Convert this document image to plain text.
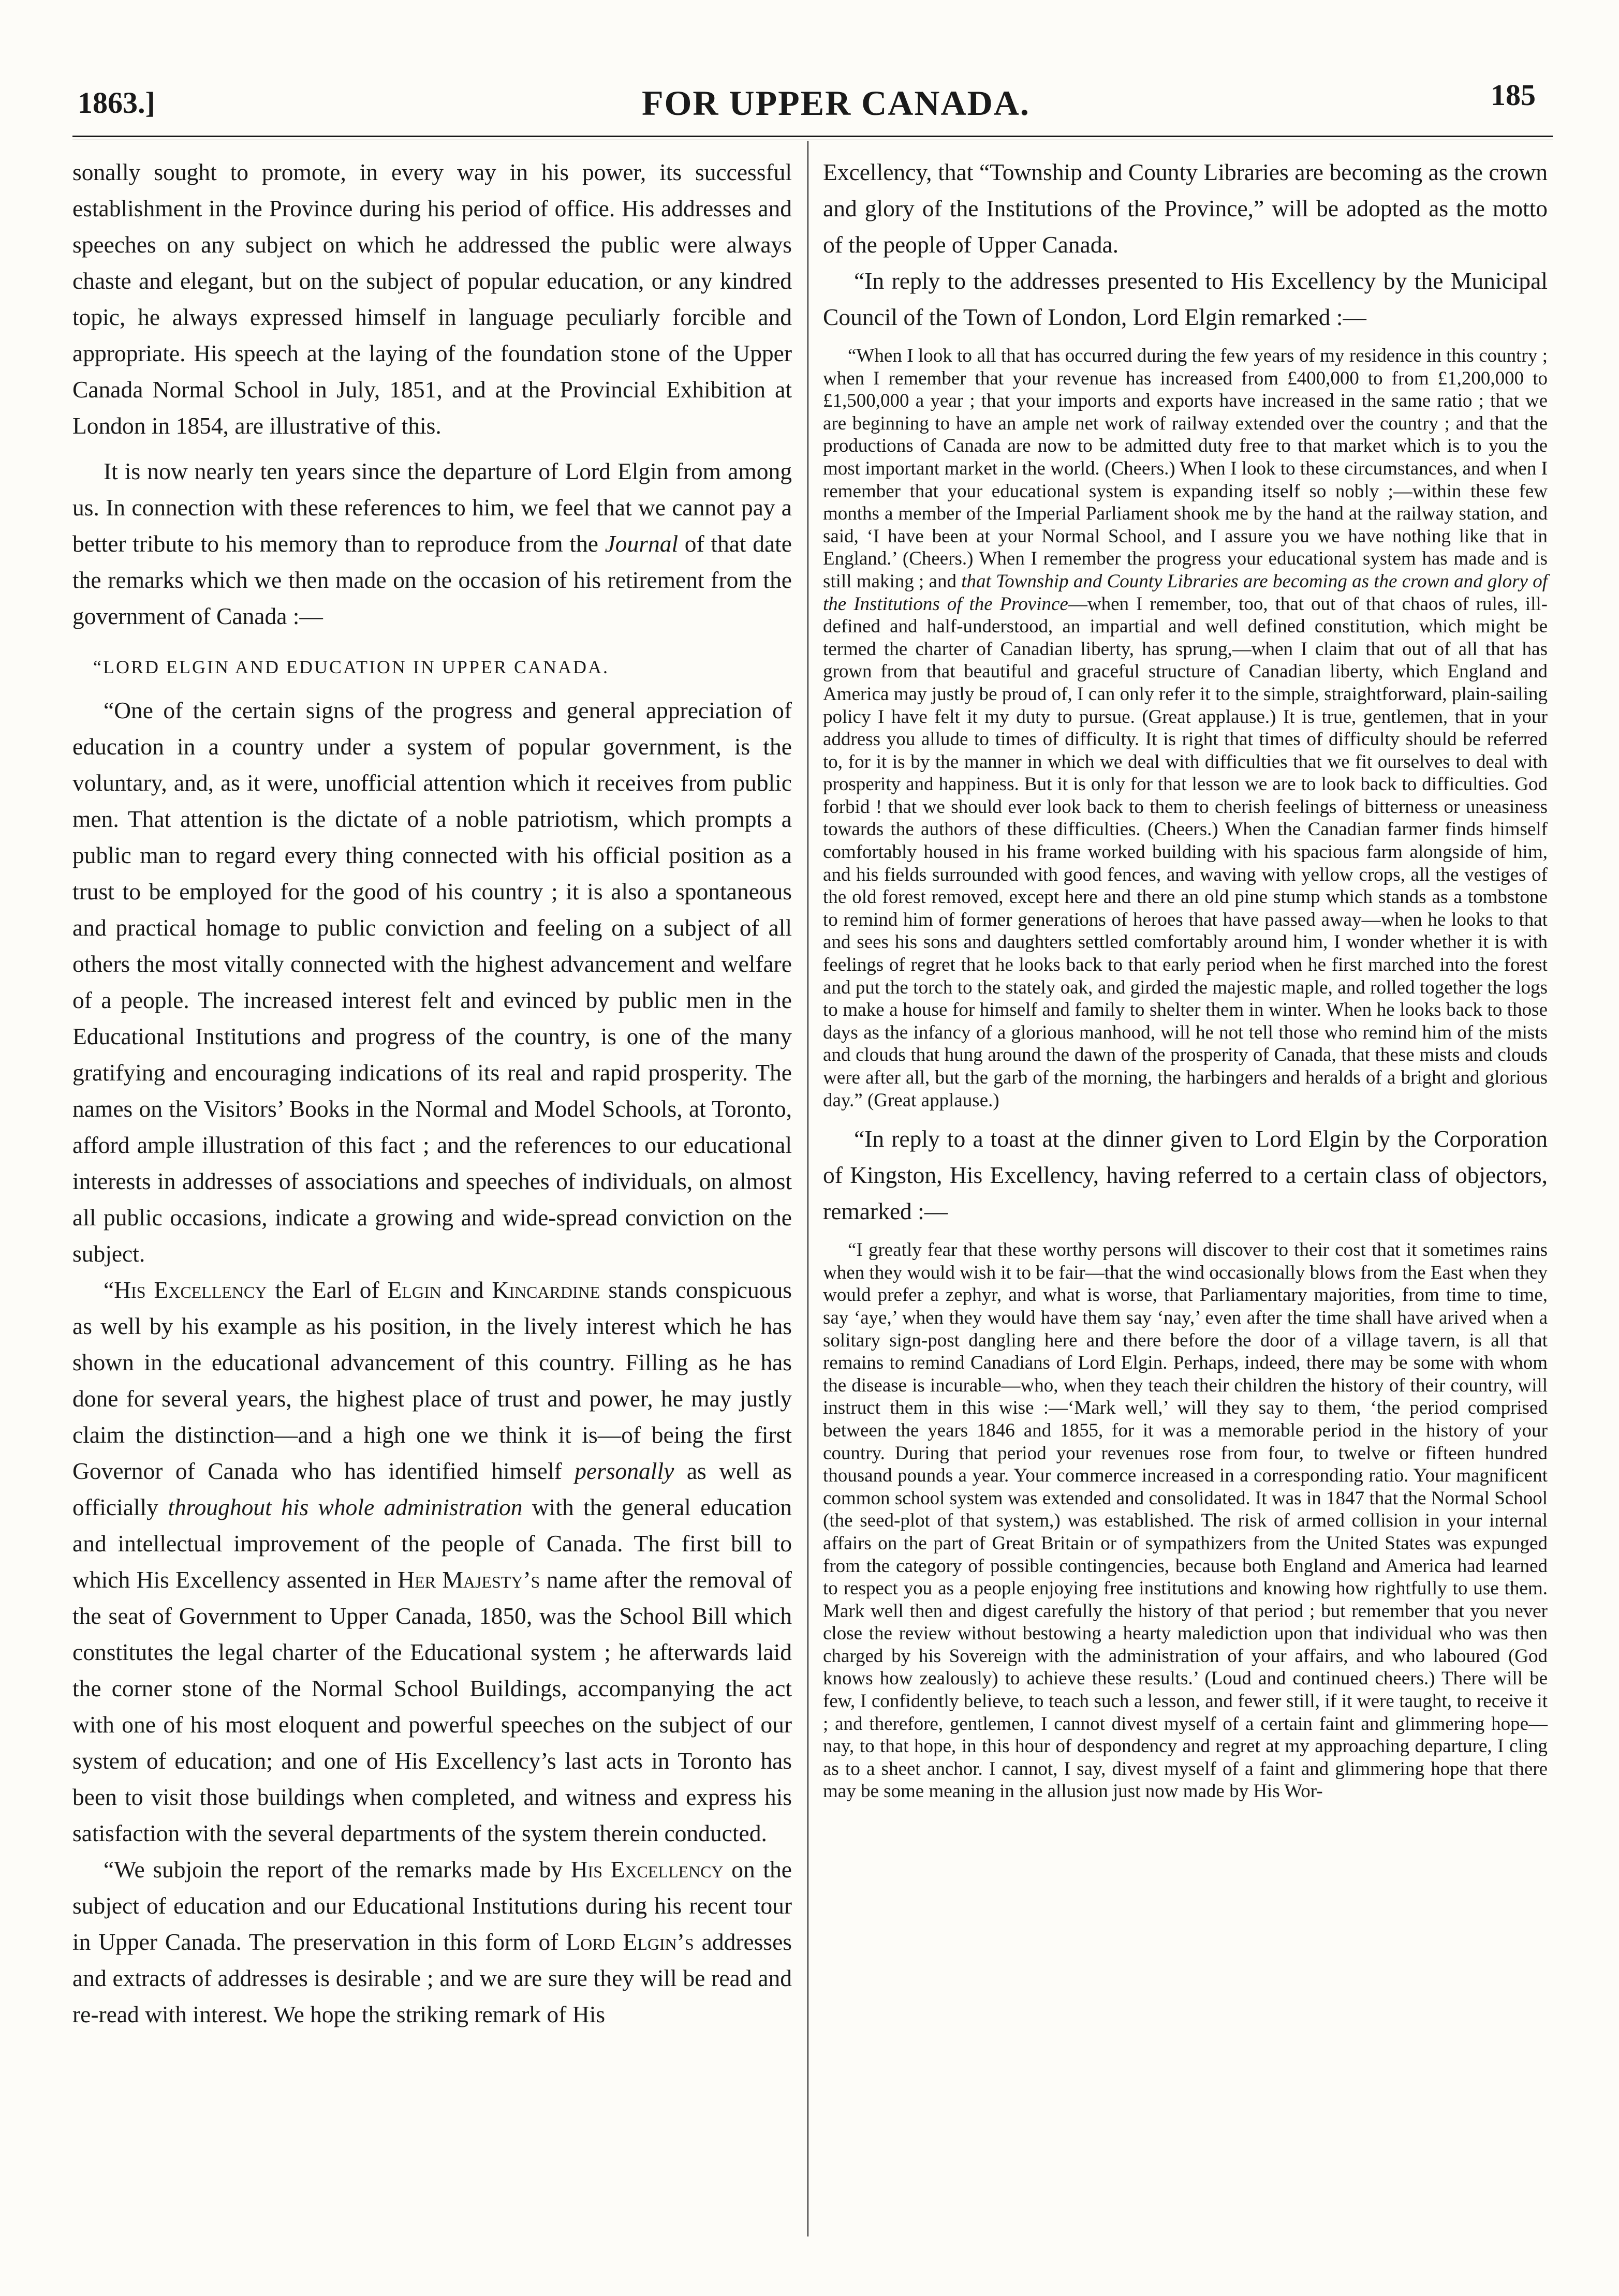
1863.]	FOR UPPER CANADA.	185

sonally sought to promote, in every way in his power, its successful establishment in the Province during his period of office. His addresses and speeches on any subject on which he addressed the public were always chaste and elegant, but on the subject of popular education, or any kindred topic, he always expressed himself in language peculiarly forcible and appropriate. His speech at the laying of the foundation stone of the Upper Canada Normal School in July, 1851, and at the Provincial Exhibition at London in 1854, are illustrative of this.

It is now nearly ten years since the departure of Lord Elgin from among us. In connection with these references to him, we feel that we cannot pay a better tribute to his memory than to reproduce from the Journal of that date the remarks which we then made on the occasion of his retirement from the government of Canada :—

“LORD ELGIN AND EDUCATION IN UPPER CANADA.

“One of the certain signs of the progress and general appreciation of education in a country under a system of popular government, is the voluntary, and, as it were, unofficial attention which it receives from public men. That attention is the dictate of a noble patriotism, which prompts a public man to regard every thing connected with his official position as a trust to be employed for the good of his country ; it is also a spontaneous and practical homage to public conviction and feeling on a subject of all others the most vitally connected with the highest advancement and welfare of a people. The increased interest felt and evinced by public men in the Educational Institutions and progress of the country, is one of the many gratifying and encouraging indications of its real and rapid prosperity. The names on the Visitors’ Books in the Normal and Model Schools, at Toronto, afford ample illustration of this fact ; and the references to our educational interests in addresses of associations and speeches of individuals, on almost all public occasions, indicate a growing and wide-spread conviction on the subject.

“His Excellency the Earl of Elgin and Kincardine stands conspicuous as well by his example as his position, in the lively interest which he has shown in the educational advancement of this country. Filling as he has done for several years, the highest place of trust and power, he may justly claim the distinction—and a high one we think it is—of being the first Governor of Canada who has identified himself personally as well as officially throughout his whole administration with the general education and intellectual improvement of the people of Canada. The first bill to which His Excellency assented in Her Majesty’s name after the removal of the seat of Government to Upper Canada, 1850, was the School Bill which constitutes the legal charter of the Educational system ; he afterwards laid the corner stone of the Normal School Buildings, accompanying the act with one of his most eloquent and powerful speeches on the subject of our system of education; and one of His Excellency’s last acts in Toronto has been to visit those buildings when completed, and witness and express his satisfaction with the several departments of the system therein conducted.

“We subjoin the report of the remarks made by His Excellency on the subject of education and our Educational Institutions during his recent tour in Upper Canada. The preservation in this form of Lord Elgin’s addresses and extracts of addresses is desirable ; and we are sure they will be read and re-read with interest. We hope the striking remark of His

Excellency, that “Township and County Libraries are becoming as the crown and glory of the Institutions of the Province,” will be adopted as the motto of the people of Upper Canada.

“In reply to the addresses presented to His Excellency by the Municipal Council of the Town of London, Lord Elgin remarked :—

“When I look to all that has occurred during the few years of my residence in this country ; when I remember that your revenue has increased from £400,000 to from £1,200,000 to £1,500,000 a year ; that your imports and exports have increased in the same ratio ; that we are beginning to have an ample net work of railway extended over the country ; and that the productions of Canada are now to be admitted duty free to that market which is to you the most important market in the world. (Cheers.) When I look to these circumstances, and when I remember that your educational system is expanding itself so nobly ;—within these few months a member of the Imperial Parliament shook me by the hand at the railway station, and said, ‘I have been at your Normal School, and I assure you we have nothing like that in England.’ (Cheers.) When I remember the progress your educational system has made and is still making ; and that Township and County Libraries are becoming as the crown and glory of the Institutions of the Province—when I remember, too, that out of that chaos of rules, ill-defined and half-understood, an impartial and well defined constitution, which might be termed the charter of Canadian liberty, has sprung,—when I claim that out of all that has grown from that beautiful and graceful structure of Canadian liberty, which England and America may justly be proud of, I can only refer it to the simple, straightforward, plain-sailing policy I have felt it my duty to pursue. (Great applause.) It is true, gentlemen, that in your address you allude to times of difficulty. It is right that times of difficulty should be referred to, for it is by the manner in which we deal with difficulties that we fit ourselves to deal with prosperity and happiness. But it is only for that lesson we are to look back to difficulties. God forbid ! that we should ever look back to them to cherish feelings of bitterness or uneasiness towards the authors of these difficulties. (Cheers.) When the Canadian farmer finds himself comfortably housed in his frame worked building with his spacious farm alongside of him, and his fields surrounded with good fences, and waving with yellow crops, all the vestiges of the old forest removed, except here and there an old pine stump which stands as a tombstone to remind him of former generations of heroes that have passed away—when he looks to that and sees his sons and daughters settled comfortably around him, I wonder whether it is with feelings of regret that he looks back to that early period when he first marched into the forest and put the torch to the stately oak, and girded the majestic maple, and rolled together the logs to make a house for himself and family to shelter them in winter. When he looks back to those days as the infancy of a glorious manhood, will he not tell those who remind him of the mists and clouds that hung around the dawn of the prosperity of Canada, that these mists and clouds were after all, but the garb of the morning, the harbingers and heralds of a bright and glorious day.” (Great applause.)

“In reply to a toast at the dinner given to Lord Elgin by the Corporation of Kingston, His Excellency, having referred to a certain class of objectors, remarked :—

“I greatly fear that these worthy persons will discover to their cost that it sometimes rains when they would wish it to be fair—that the wind occasionally blows from the East when they would prefer a zephyr, and what is worse, that Parliamentary majorities, from time to time, say ‘aye,’ when they would have them say ‘nay,’ even after the time shall have arived when a solitary sign-post dangling here and there before the door of a village tavern, is all that remains to remind Canadians of Lord Elgin. Perhaps, indeed, there may be some with whom the disease is incurable—who, when they teach their children the history of their country, will instruct them in this wise :—‘Mark well,’ will they say to them, ‘the period comprised between the years 1846 and 1855, for it was a memorable period in the history of your country. During that period your revenues rose from four, to twelve or fifteen hundred thousand pounds a year. Your commerce increased in a corresponding ratio. Your magnificent common school system was extended and consolidated. It was in 1847 that the Normal School (the seed-plot of that system,) was established. The risk of armed collision in your internal affairs on the part of Great Britain or of sympathizers from the United States was expunged from the category of possible contingencies, because both England and America had learned to respect you as a people enjoying free institutions and knowing how rightfully to use them. Mark well then and digest carefully the history of that period ; but remember that you never close the review without bestowing a hearty malediction upon that individual who was then charged by his Sovereign with the administration of your affairs, and who laboured (God knows how zealously) to achieve these results.’ (Loud and continued cheers.) There will be few, I confidently believe, to teach such a lesson, and fewer still, if it were taught, to receive it ; and therefore, gentlemen, I cannot divest myself of a certain faint and glimmering hope—nay, to that hope, in this hour of despondency and regret at my approaching departure, I cling as to a sheet anchor. I cannot, I say, divest myself of a faint and glimmering hope that there may be some meaning in the allusion just now made by His Wor-
